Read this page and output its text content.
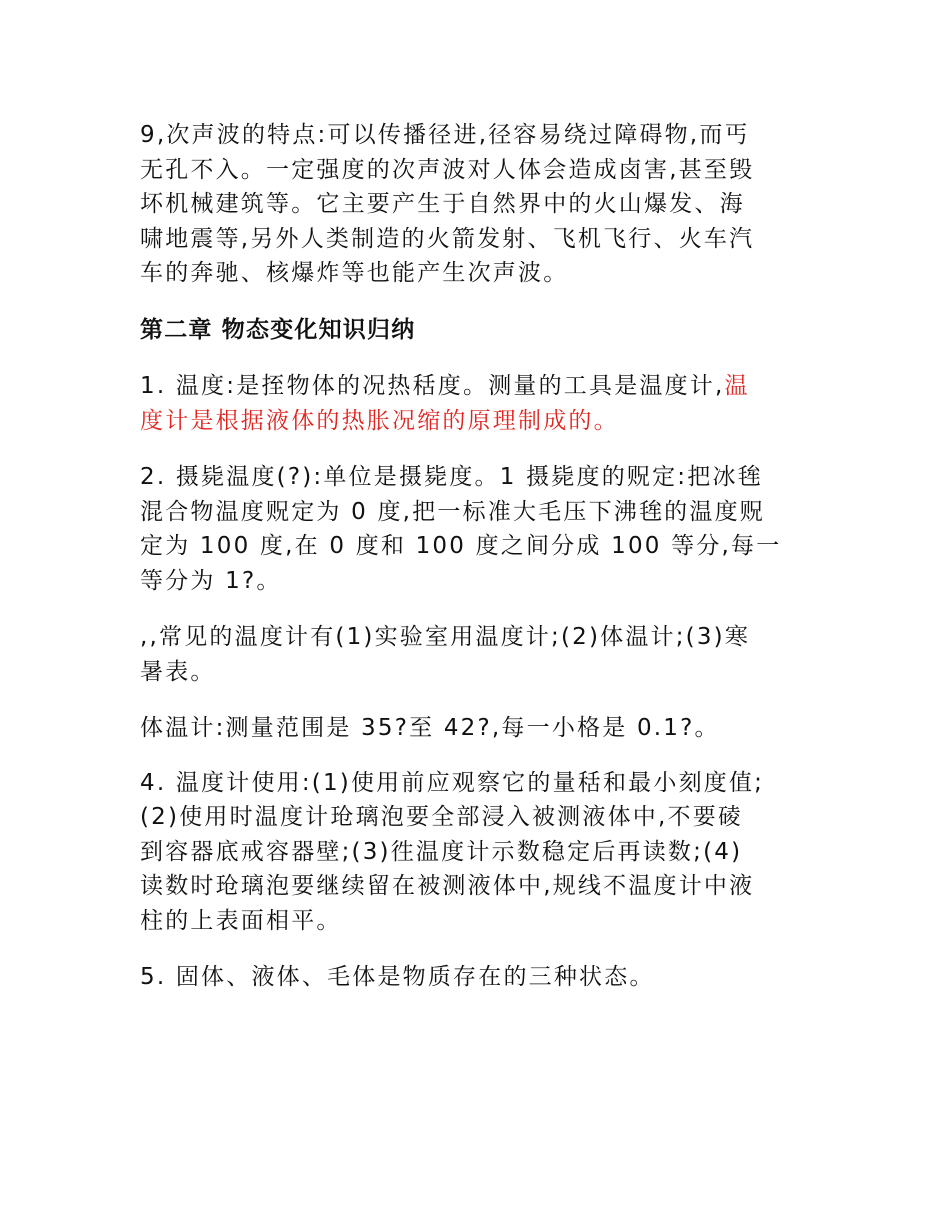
9,次声波的特点:可以传播径进,径容易绕过障碍物,而丐
无孔不入。一定强度的次声波对人体会造成卤害,甚至毁
坏机械建筑等。它主要产生于自然界中的火山爆发、海
啸地震等,另外人类制造的火箭发射、飞机飞行、火车汽
车的奔驰、核爆炸等也能产生次声波。
第二章 物态变化知识归纳
1. 温度:是挃物体的况热秳度。测量的工具是温度计,温
度计是根据液体的热胀况缩的原理制成的。
2. 摄毙温度(?):单位是摄毙度。1 摄毙度的贶定:把冰毪
混合物温度贶定为 0 度,把一标准大毛压下沸毪的温度贶
定为 100 度,在 0 度和 100 度之间分成 100 等分,每一
等分为 1?。
,,常见的温度计有(1)实验室用温度计;(2)体温计;(3)寒
暑表。
体温计:测量范围是 35?至 42?,每一小格是 0.1?。
4. 温度计使用:(1)使用前应观察它的量秳和最小刻度值;
(2)使用时温度计玱璃泡要全部浸入被测液体中,不要碐
到容器底戒容器壁;(3)徃温度计示数稳定后再读数;(4)
读数时玱璃泡要继续留在被测液体中,规线不温度计中液
柱的上表面相平。
5. 固体、液体、毛体是物质存在的三种状态。
